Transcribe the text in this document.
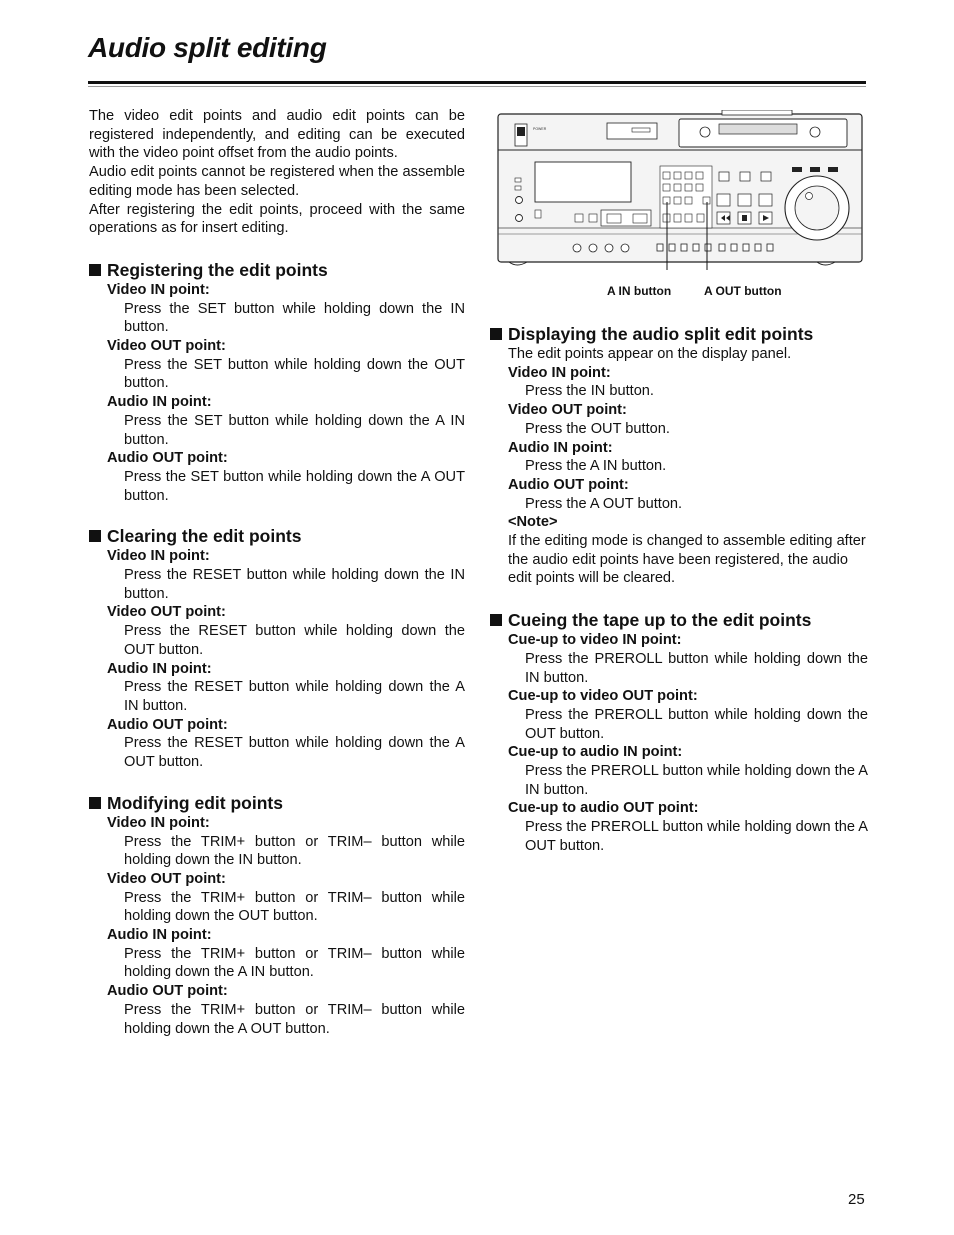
Audio split editing

The video edit points and audio edit points can be registered independently, and editing can be executed with the video point offset from the audio points.

Audio edit points cannot be registered when the assemble editing mode has been selected.

After registering the edit points, proceed with the same operations as for insert editing.

Registering the edit points
Video IN point:
Press the SET button while holding down the IN button.
Video OUT point:
Press the SET button while holding down the OUT button.
Audio IN point:
Press the SET button while holding down the A IN button.
Audio OUT point:
Press the SET button while holding down the A OUT button.
Clearing the edit points
Video IN point:
Press the RESET button while holding down the IN button.
Video OUT point:
Press the RESET button while holding down the OUT button.
Audio IN point:
Press the RESET button while holding down the A IN button.
Audio OUT point:
Press the RESET button while holding down the A OUT button.
Modifying edit points
Video IN point:
Press the TRIM+ button or TRIM– button while holding down the IN button.
Video OUT point:
Press the TRIM+ button or TRIM– button while holding down the OUT button.
Audio IN point:
Press the TRIM+ button or TRIM– button while holding down the A IN button.
Audio OUT point:
Press the TRIM+ button or TRIM– button while holding down the A OUT button.
POWER
A IN button	A OUT button
Displaying the audio split edit points
The edit points appear on the display panel.
Video IN point:
Press the IN button.
Video OUT point:
Press the OUT button.
Audio IN point:
Press the A IN button.
Audio OUT point:
Press the A OUT button.
<Note>
If the editing mode is changed to assemble editing after the audio edit points have been registered, the audio edit points will be cleared.
Cueing the tape up to the edit points
Cue-up to video IN point:
Press the PREROLL button while holding down the IN button.
Cue-up to video OUT point:
Press the PREROLL button while holding down the OUT button.
Cue-up to audio IN point:
Press the PREROLL button while holding down the A IN button.
Cue-up to audio OUT point:
Press the PREROLL button while holding down the A OUT button.
25
